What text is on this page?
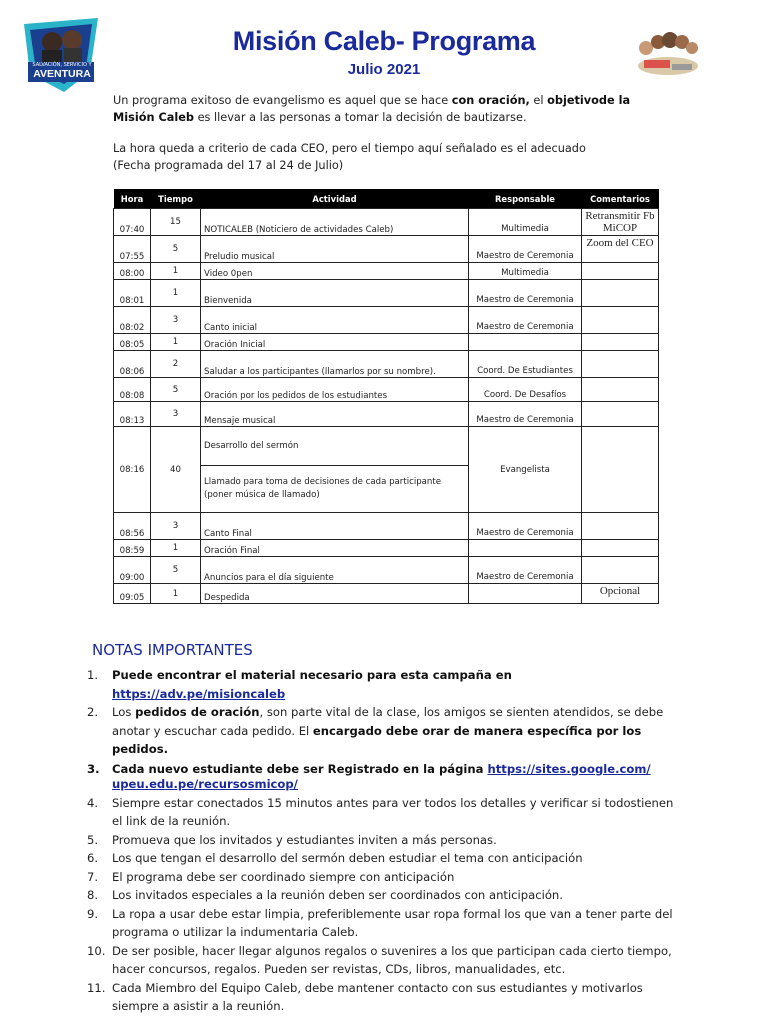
SALVACIÓN, SERVICIO Y
AVENTURA
Misión Caleb- Programa
Julio 2021
Un programa exitoso de evangelismo es aquel que se hace con oración, el objetivode la
Misión Caleb es llevar a las personas a tomar la decisión de bautizarse.
La hora queda a criterio de cada CEO, pero el tiempo aquí señalado es el adecuado
(Fecha programada del 17 al 24 de Julio)
Hora	Tiempo	Actividad	Responsable	Comentarios
07:40	15	NOTICALEB (Noticiero de actividades Caleb)	Multimedia	Retransmitir Fb MiCOP
07:55	5	Preludio musical	Maestro de Ceremonia	Zoom del CEO
08:00	1	Video 0pen	Multimedia	
08:01	1	Bienvenida	Maestro de Ceremonia	
08:02	3	Canto inicial	Maestro de Ceremonia	
08:05	1	Oración Inicial		
08:06	2	Saludar a los participantes (llamarlos por su nombre).	Coord. De Estudiantes	
08:08	5	Oración por los pedidos de los estudiantes	Coord. De Desafíos	
08:13	3	Mensaje musical	Maestro de Ceremonia	
08:16	40	Desarrollo del sermón	Evangelista	
		Llamado para toma de decisiones de cada participante (poner música de llamado)		
08:56	3	Canto Final	Maestro de Ceremonia	
08:59	1	Oración Final		
09:00	5	Anuncios para el día siguiente	Maestro de Ceremonia	
09:05	1	Despedida		Opcional
NOTAS IMPORTANTES
1. Puede encontrar el material necesario para esta campaña en https://adv.pe/misioncaleb
2. Los pedidos de oración, son parte vital de la clase, los amigos se sienten atendidos, se debe anotar y escuchar cada pedido. El encargado debe orar de manera específica por los pedidos.
3. Cada nuevo estudiante debe ser Registrado en la página https://sites.google.com/ upeu.edu.pe/recursosmicop/
4. Siempre estar conectados 15 minutos antes para ver todos los detalles y verificar si todostienen el link de la reunión.
5. Promueva que los invitados y estudiantes inviten a más personas.
6. Los que tengan el desarrollo del sermón deben estudiar el tema con anticipación
7. El programa debe ser coordinado siempre con anticipación
8. Los invitados especiales a la reunión deben ser coordinados con anticipación.
9. La ropa a usar debe estar limpia, preferiblemente usar ropa formal los que van a tener parte del programa o utilizar la indumentaria Caleb.
10. De ser posible, hacer llegar algunos regalos o suvenires a los que participan cada cierto tiempo, hacer concursos, regalos. Pueden ser revistas, CDs, libros, manualidades, etc.
11. Cada Miembro del Equipo Caleb, debe mantener contacto con sus estudiantes y motivarlos siempre a asistir a la reunión.
